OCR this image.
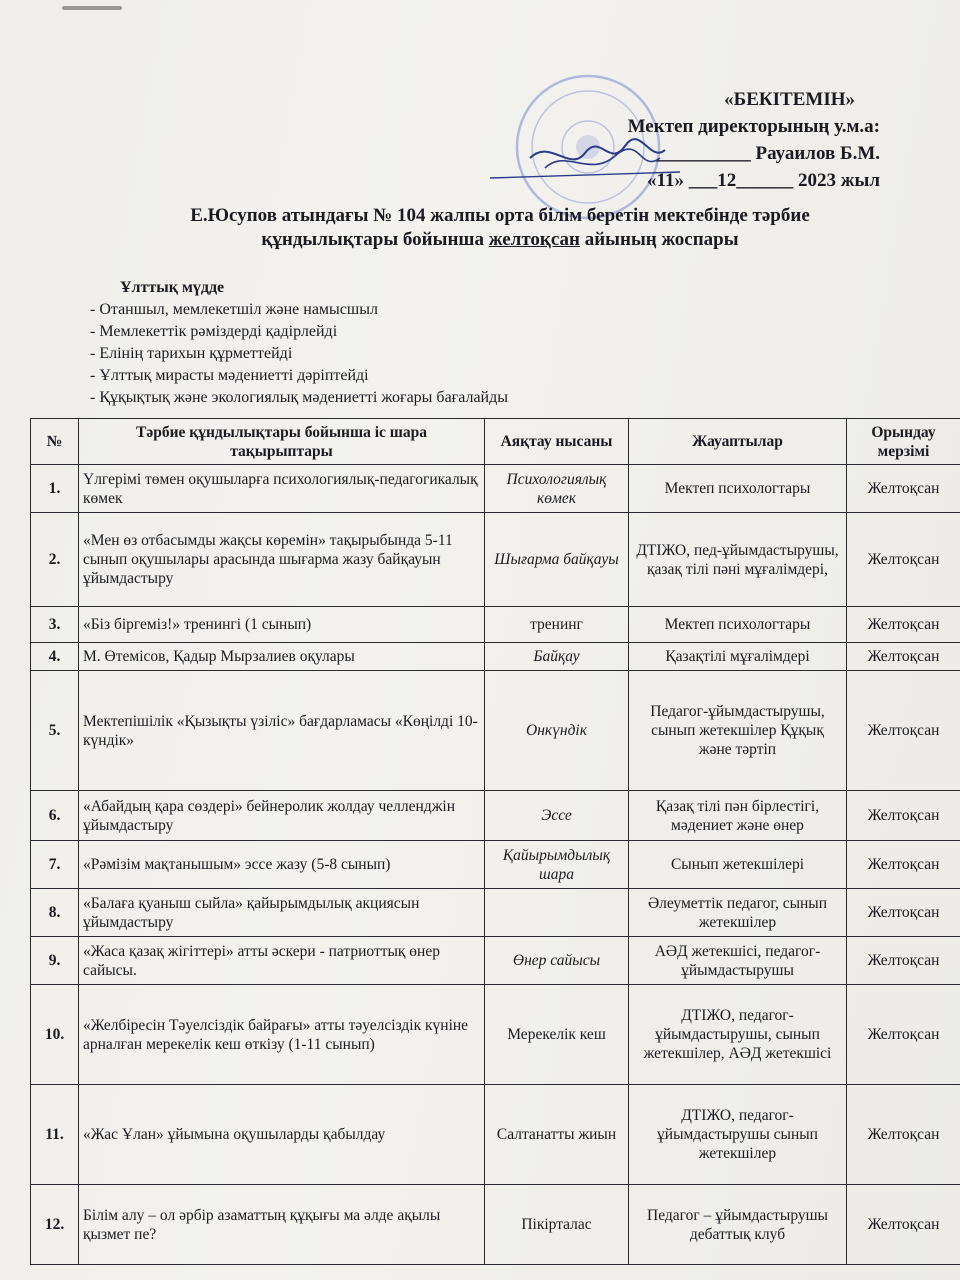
«БЕКІТЕМІН»
Мектеп директорының у.м.а:
__________ Рауаилов Б.М.
«11» ___12______ 2023 жыл
Е.Юсупов атындағы № 104 жалпы орта білім беретін мектебінде тәрбие
құндылықтары бойынша желтоқсан айының жоспары
Ұлттық мүдде
- Отаншыл, мемлекетшіл және намысшыл
- Мемлекеттік рәміздерді қадірлейді
- Елінің тарихын құрметтейді
- Ұлттық мирасты мәдениетті дәріптейді
- Құқықтық және экологиялық мәдениетті жоғары бағалайды
№	Тәрбие құндылықтары бойынша іс шара тақырыптары	Аяқтау нысаны	Жауаптылар	Орындау мерзімі
1.	Үлгерімі төмен оқушыларға психологиялық-педагогикалық көмек	Психологиялық көмек	Мектеп психологтары	Желтоқсан
2.	«Мен өз отбасымды жақсы көремін» тақырыбында 5-11 сынып оқушылары арасында шығарма жазу байқауын ұйымдастыру	Шығарма байқауы	ДТІЖО, пед-ұйымдастырушы, қазақ тілі пәні мұғалімдері,	Желтоқсан
3.	«Біз біргеміз!» тренингі (1 сынып)	тренинг	Мектеп психологтары	Желтоқсан
4.	М. Өтемісов, Қадыр Мырзалиев оқулары	Байқау	Қазақтілі мұғалімдері	Желтоқсан
5.	Мектепішілік «Қызықты үзіліс» бағдарламасы «Көңілді 10-күндік»	Онкүндік	Педагог-ұйымдастырушы, сынып жетекшілер Құқық және тәртіп	Желтоқсан
6.	«Абайдың қара сөздері» бейнеролик жолдау челленджін ұйымдастыру	Эссе	Қазақ тілі пән бірлестігі, мәдениет және өнер	Желтоқсан
7.	«Рәмізім мақтанышым» эссе жазу (5-8 сынып)	Қайырымдылық шара	Сынып жетекшілері	Желтоқсан
8.	«Балаға қуаныш сыйла» қайырымдылық акциясын ұйымдастыру		Әлеуметтік педагог, сынып жетекшілер	Желтоқсан
9.	«Жаса қазақ жігіттері» атты әскери - патриоттық өнер сайысы.	Өнер сайысы	АӘД жетекшісі, педагог-ұйымдастырушы	Желтоқсан
10.	«Желбіресін Тәуелсіздік байрағы» атты тәуелсіздік күніне арналған мерекелік кеш өткізу (1-11 сынып)	Мерекелік кеш	ДТІЖО, педагог-ұйымдастырушы, сынып жетекшілер, АӘД жетекшісі	Желтоқсан
11.	«Жас Ұлан» ұйымына оқушыларды қабылдау	Салтанатты жиын	ДТІЖО, педагог-ұйымдастырушы сынып жетекшілер	Желтоқсан
12.	Білім алу – ол әрбір азаматтың құқығы ма әлде ақылы қызмет пе?	Пікірталас	Педагог – ұйымдастырушы дебаттық клуб	Желтоқсан
